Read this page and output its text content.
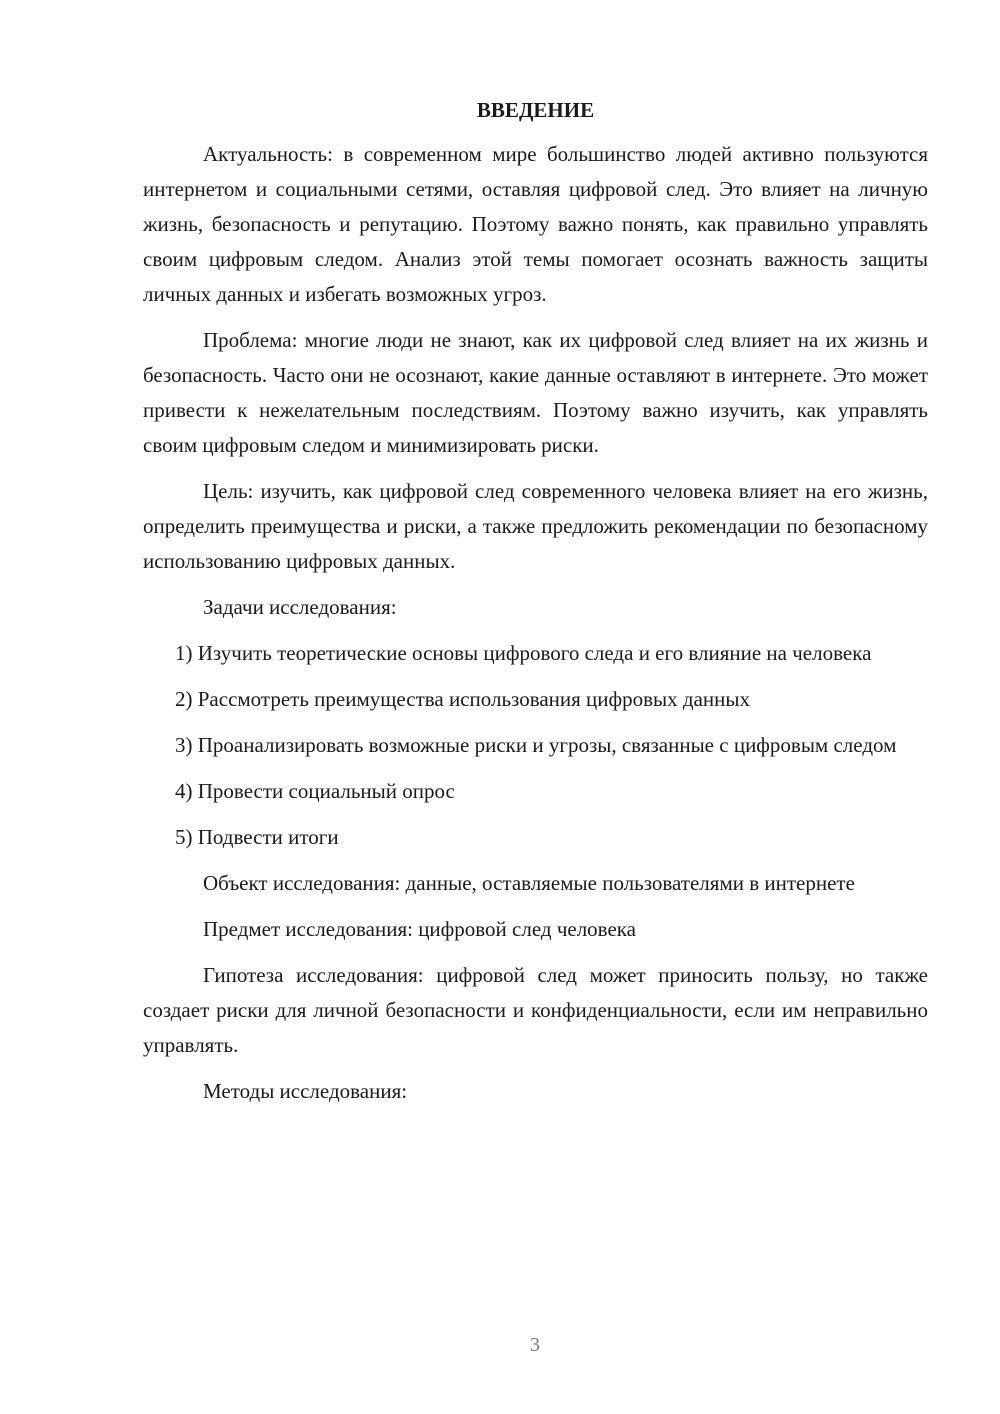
ВВЕДЕНИЕ

Актуальность: в современном мире большинство людей активно пользуются интернетом и социальными сетями, оставляя цифровой след. Это влияет на личную жизнь, безопасность и репутацию. Поэтому важно понять, как правильно управлять своим цифровым следом. Анализ этой темы помогает осознать важность защиты личных данных и избегать возможных угроз.

Проблема: многие люди не знают, как их цифровой след влияет на их жизнь и безопасность. Часто они не осознают, какие данные оставляют в интернете. Это может привести к нежелательным последствиям. Поэтому важно изучить, как управлять своим цифровым следом и минимизировать риски.

Цель: изучить, как цифровой след современного человека влияет на его жизнь, определить преимущества и риски, а также предложить рекомендации по безопасному использованию цифровых данных.

Задачи исследования:

1) Изучить теоретические основы цифрового следа и его влияние на человека

2) Рассмотреть преимущества использования цифровых данных

3) Проанализировать возможные риски и угрозы, связанные с цифровым следом

4) Провести социальный опрос

5) Подвести итоги

Объект исследования: данные, оставляемые пользователями в интернете

Предмет исследования: цифровой след человека

Гипотеза исследования: цифровой след может приносить пользу, но также создает риски для личной безопасности и конфиденциальности, если им неправильно управлять.

Методы исследования:

3
